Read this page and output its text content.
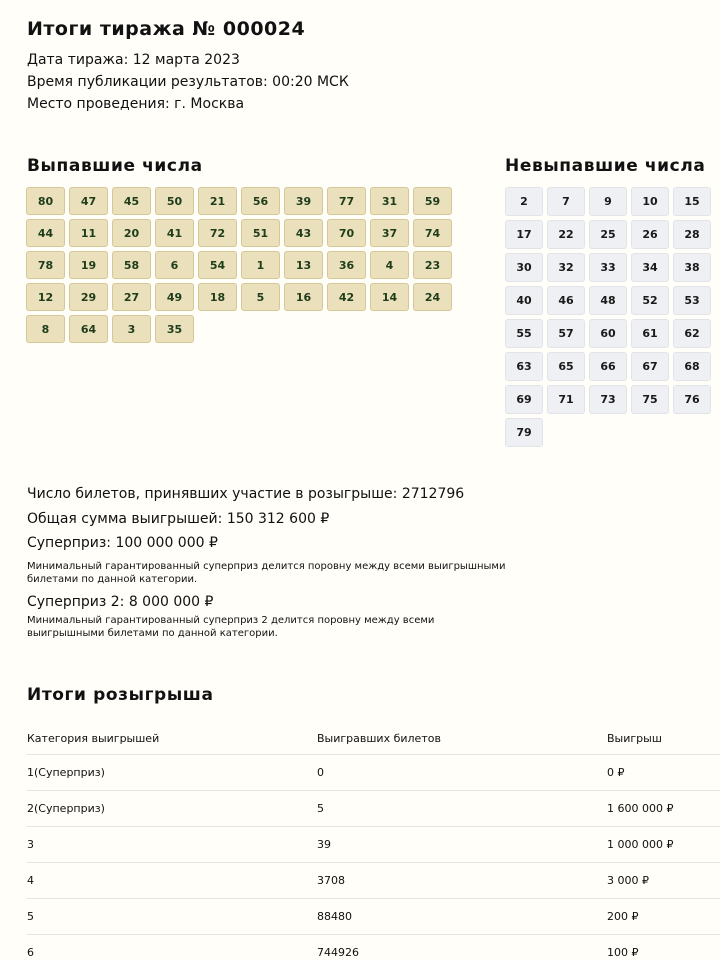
Итоги тиража № 000024
Дата тиража: 12 марта 2023
Время публикации результатов: 00:20 МСК
Место проведения: г. Москва
Выпавшие числа	Невыпавшие числа
80	47	45	50	21	56	39	77	31	59
44	11	20	41	72	51	43	70	37	74
78	19	58	6	54	1	13	36	4	23
12	29	27	49	18	5	16	42	14	24
8	64	3	35
2	7	9	10	15
17	22	25	26	28
30	32	33	34	38
40	46	48	52	53
55	57	60	61	62
63	65	66	67	68
69	71	73	75	76
79
Число билетов, принявших участие в розыгрыше: 2712796
Общая сумма выигрышей: 150 312 600 ₽
Суперприз: 100 000 000 ₽
Минимальный гарантированный суперприз делится поровну между всеми выигрышными билетами по данной категории.
Суперприз 2: 8 000 000 ₽
Минимальный гарантированный суперприз 2 делится поровну между всеми выигрышными билетами по данной категории.
Итоги розыгрыша
Категория выигрышей	Выигравших билетов	Выигрыш
1(Суперприз)	0	0 ₽
2(Суперприз)	5	1 600 000 ₽
3	39	1 000 000 ₽
4	3708	3 000 ₽
5	88480	200 ₽
6	744926	100 ₽
